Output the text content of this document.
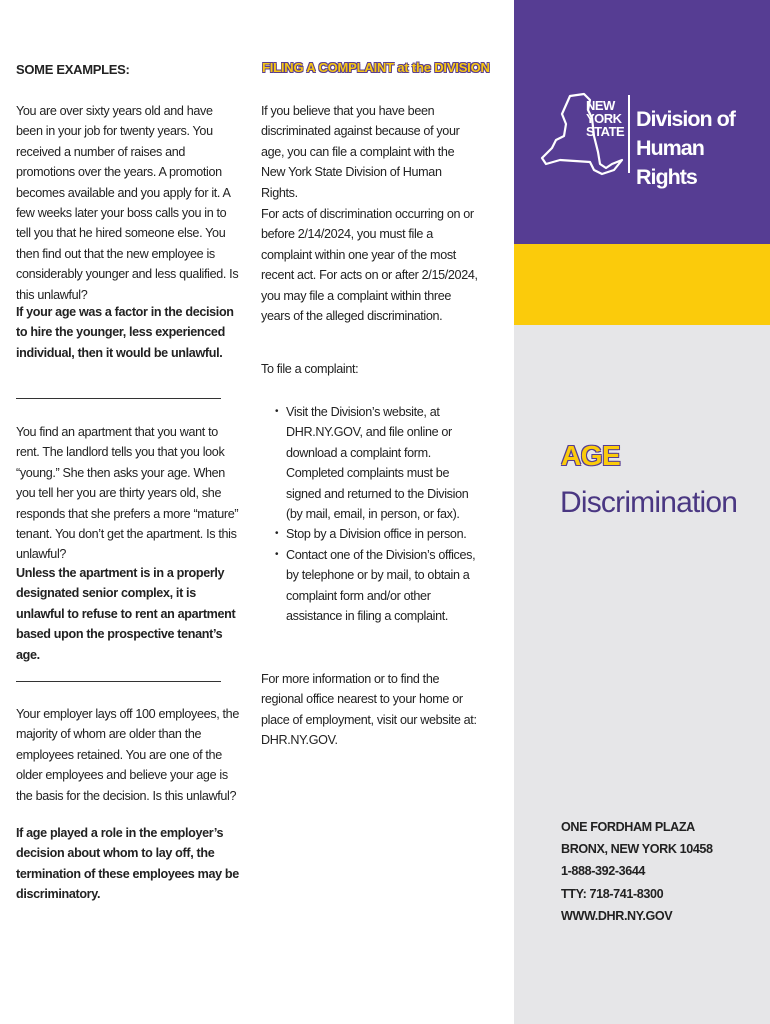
SOME EXAMPLES:

You are over sixty years old and have been in your job for twenty years. You received a number of raises and promotions over the years. A promotion becomes available and you apply for it. A few weeks later your boss calls you in to tell you that he hired someone else. You then find out that the new employee is considerably younger and less qualified. Is this unlawful?

If your age was a factor in the decision to hire the younger, less experienced individual, then it would be unlawful.

You find an apartment that you want to rent. The landlord tells you that you look “young.” She then asks your age. When you tell her you are thirty years old, she responds that she prefers a more “mature” tenant. You don’t get the apartment. Is this unlawful?

Unless the apartment is in a properly designated senior complex, it is unlawful to refuse to rent an apartment based upon the prospective tenant’s age.

Your employer lays off 100 employees, the majority of whom are older than the employees retained. You are one of the older employees and believe your age is the basis for the decision. Is this unlawful?

If age played a role in the employer’s decision about whom to lay off, the termination of these employees may be discriminatory.

FILING A COMPLAINT at the DIVISION

If you believe that you have been discriminated against because of your age, you can file a complaint with the New York State Division of Human Rights.

For acts of discrimination occurring on or before 2/14/2024, you must file a complaint within one year of the most recent act. For acts on or after 2/15/2024, you may file a complaint within three years of the alleged discrimination.

To file a complaint:

• Visit the Division’s website, at DHR.NY.GOV, and file online or download a complaint form. Completed complaints must be signed and returned to the Division (by mail, email, in person, or fax).
• Stop by a Division office in person.
• Contact one of the Division’s offices, by telephone or by mail, to obtain a complaint form and/or other assistance in filing a complaint.

For more information or to find the regional office nearest to your home or place of employment, visit our website at: DHR.NY.GOV.

NEW
YORK
STATE
Division of
Human Rights
AGE
Discrimination
ONE FORDHAM PLAZA
BRONX, NEW YORK 10458
1-888-392-3644
TTY: 718-741-8300
WWW.DHR.NY.GOV
